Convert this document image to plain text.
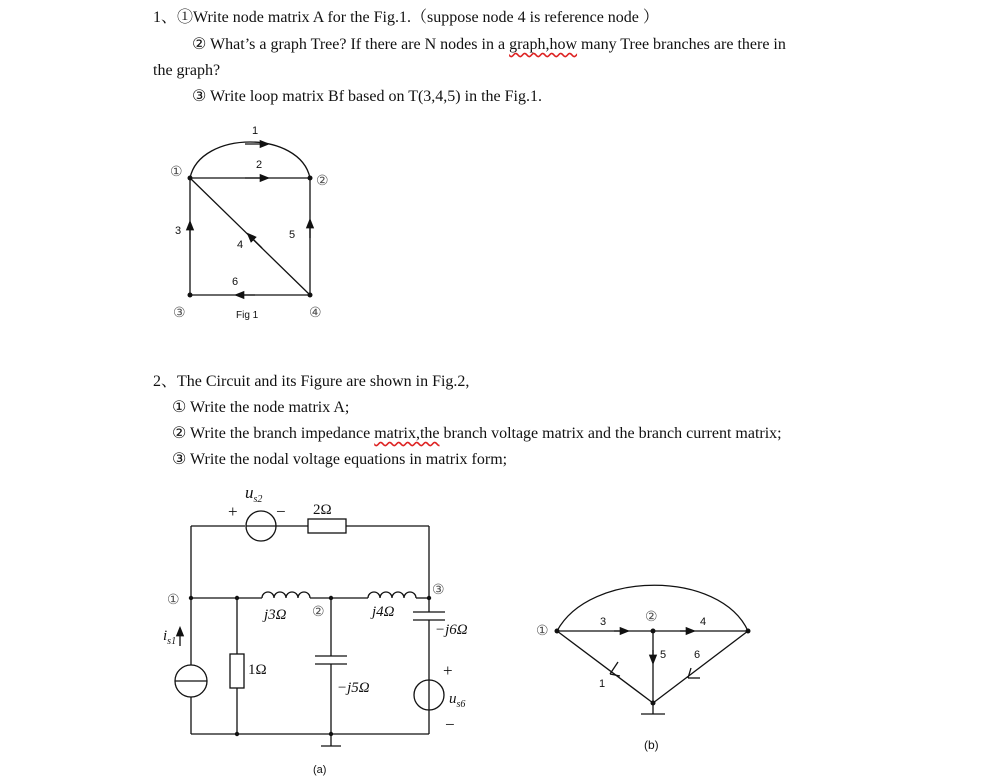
1、①Write node matrix A for the Fig.1.（suppose node 4 is reference node ）
② What’s a graph Tree? If there are N nodes in a graph,how many Tree branches are there in
the graph?
③ Write loop matrix Bf based on T(3,4,5) in the Fig.1.
2、The Circuit and its Figure are shown in Fig.2,
① Write the node matrix A;
② Write the branch impedance matrix,the branch voltage matrix and the branch current matrix;
③ Write the nodal voltage equations in matrix form;
1
2
3
4
5
6
Fig 1
①
②
③	④
+ −
$u_{s2}$
2Ω
j3Ω	j4Ω
1Ω
−j5Ω
−j6Ω
+
−
$u_{s6}$
$i_{s1}$
①
②
③
(a)
3	4
5	6
1
(b)
①
②
